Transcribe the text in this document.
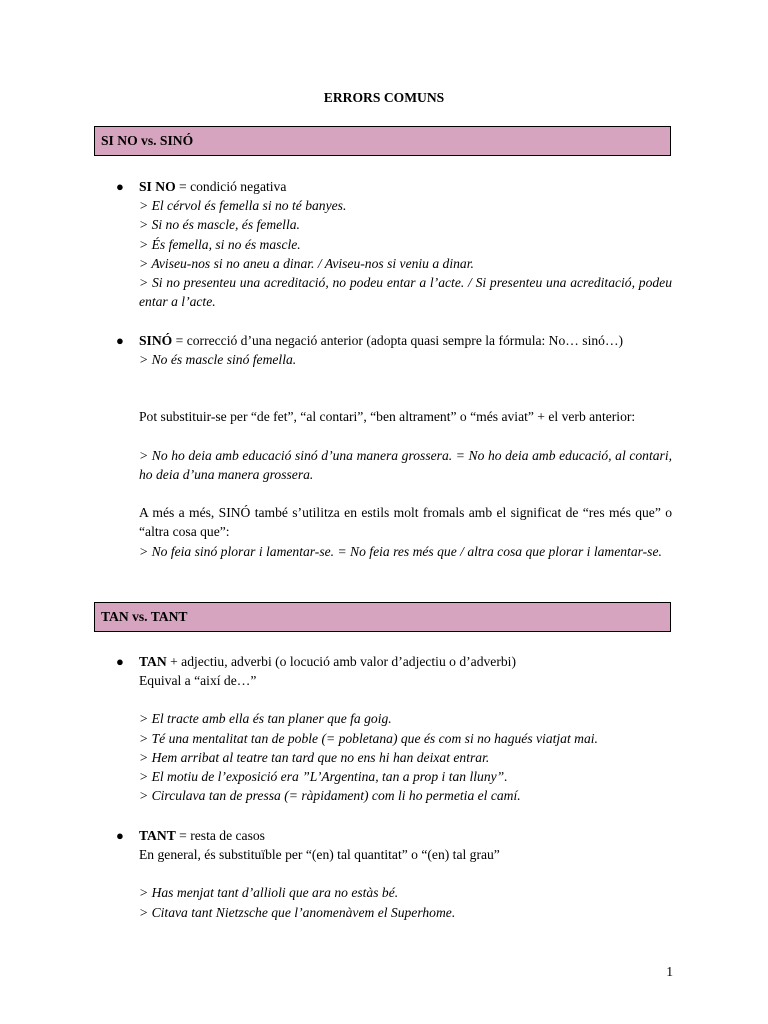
ERRORS COMUNS
SI NO vs. SINÓ
● SI NO = condició negativa
> El cérvol és femella si no té banyes.
> Si no és mascle, és femella.
> És femella, si no és mascle.
> Aviseu-nos si no aneu a dinar. / Aviseu-nos si veniu a dinar.
> Si no presenteu una acreditació, no podeu entar a l’acte. / Si presenteu una acreditació, podeu entar a l’acte.
● SINÓ = correcció d’una negació anterior (adopta quasi sempre la fórmula: No… sinó…)
> No és mascle sinó femella.
Pot substituir-se per “de fet”, “al contari”, “ben altrament” o “més aviat” + el verb anterior:
> No ho deia amb educació sinó d’una manera grossera. = No ho deia amb educació, al contari, ho deia d’una manera grossera.
A més a més, SINÓ també s’utilitza en estils molt fromals amb el significat de “res més que” o “altra cosa que”:
> No feia sinó plorar i lamentar-se. = No feia res més que / altra cosa que plorar i lamentar-se.
TAN vs. TANT
● TAN + adjectiu, adverbi (o locució amb valor d’adjectiu o d’adverbi)
Equival a “així de…”
> El tracte amb ella és tan planer que fa goig.
> Té una mentalitat tan de poble (= pobletana) que és com si no hagués viatjat mai.
> Hem arribat al teatre tan tard que no ens hi han deixat entrar.
> El motiu de l’exposició era ”L’Argentina, tan a prop i tan lluny”.
> Circulava tan de pressa (= ràpidament) com li ho permetia el camí.
● TANT = resta de casos
En general, és substituïble per “(en) tal quantitat” o “(en) tal grau”
> Has menjat tant d’allioli que ara no estàs bé.
> Citava tant Nietzsche que l’anomenàvem el Superhome.
1
